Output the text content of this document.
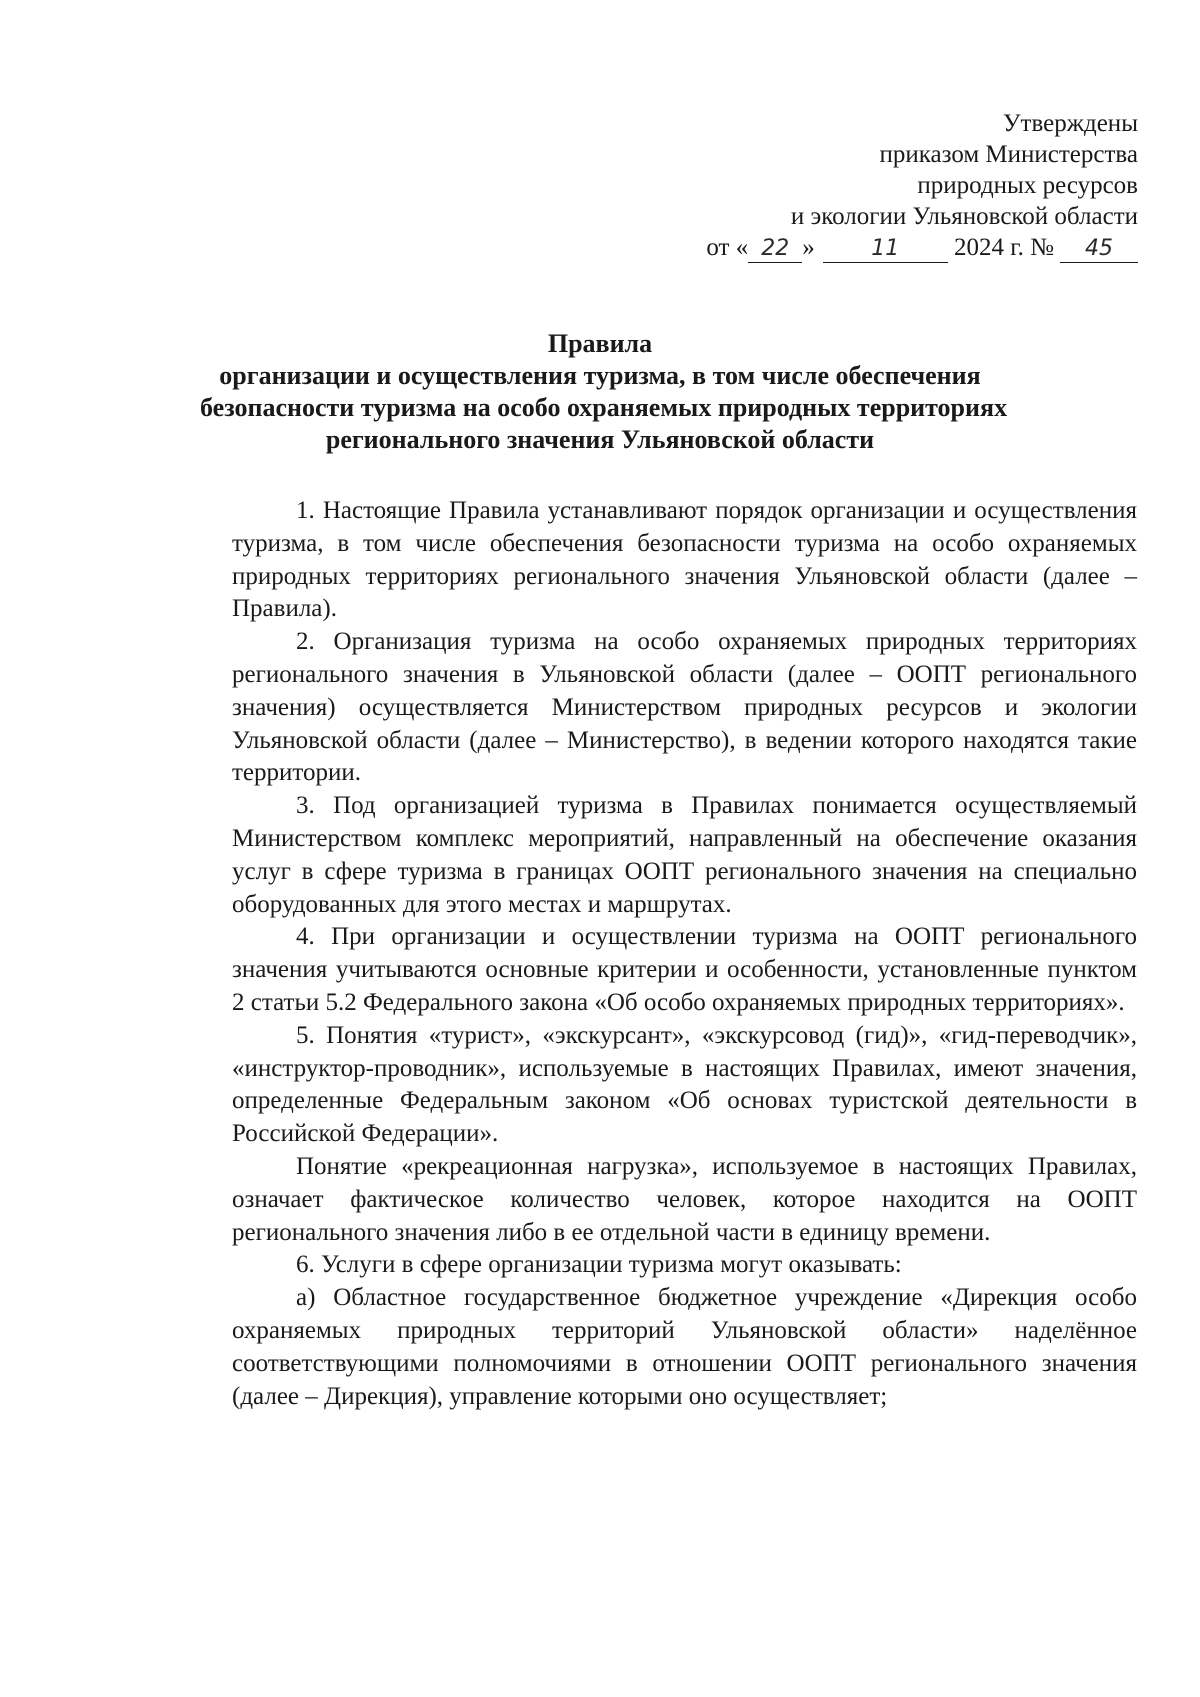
Утверждены
приказом Министерства
природных ресурсов
и экологии Ульяновской области
от « 22 »	11 2024 г. № 45
Правила
организации и осуществления туризма, в том числе обеспечения
безопасности туризма на особо охраняемых природных территориях
регионального значения Ульяновской области

1. Настоящие Правила устанавливают порядок организации и осуществления туризма, в том числе обеспечения безопасности туризма на особо охраняемых природных территориях регионального значения Ульяновской области (далее – Правила).

2. Организация туризма на особо охраняемых природных территориях регионального значения в Ульяновской области (далее – ООПТ регионального значения) осуществляется Министерством природных ресурсов и экологии Ульяновской области (далее – Министерство), в ведении которого находятся такие территории.

3. Под организацией туризма в Правилах понимается осуществляемый Министерством комплекс мероприятий, направленный на обеспечение оказания услуг в сфере туризма в границах ООПТ регионального значения на специально оборудованных для этого местах и маршрутах.

4. При организации и осуществлении туризма на ООПТ регионального значения учитываются основные критерии и особенности, установленные пунктом 2 статьи 5.2 Федерального закона «Об особо охраняемых природных территориях».

5. Понятия «турист», «экскурсант», «экскурсовод (гид)», «гид-переводчик», «инструктор-проводник», используемые в настоящих Правилах, имеют значения, определенные Федеральным законом «Об основах туристской деятельности в Российской Федерации».

Понятие «рекреационная нагрузка», используемое в настоящих Правилах, означает фактическое количество человек, которое находится на ООПТ регионального значения либо в ее отдельной части в единицу времени.

6. Услуги в сфере организации туризма могут оказывать:

а) Областное государственное бюджетное учреждение «Дирекция особо охраняемых природных территорий Ульяновской области» наделённое соответствующими полномочиями в отношении ООПТ регионального значения (далее – Дирекция), управление которыми оно осуществляет;
